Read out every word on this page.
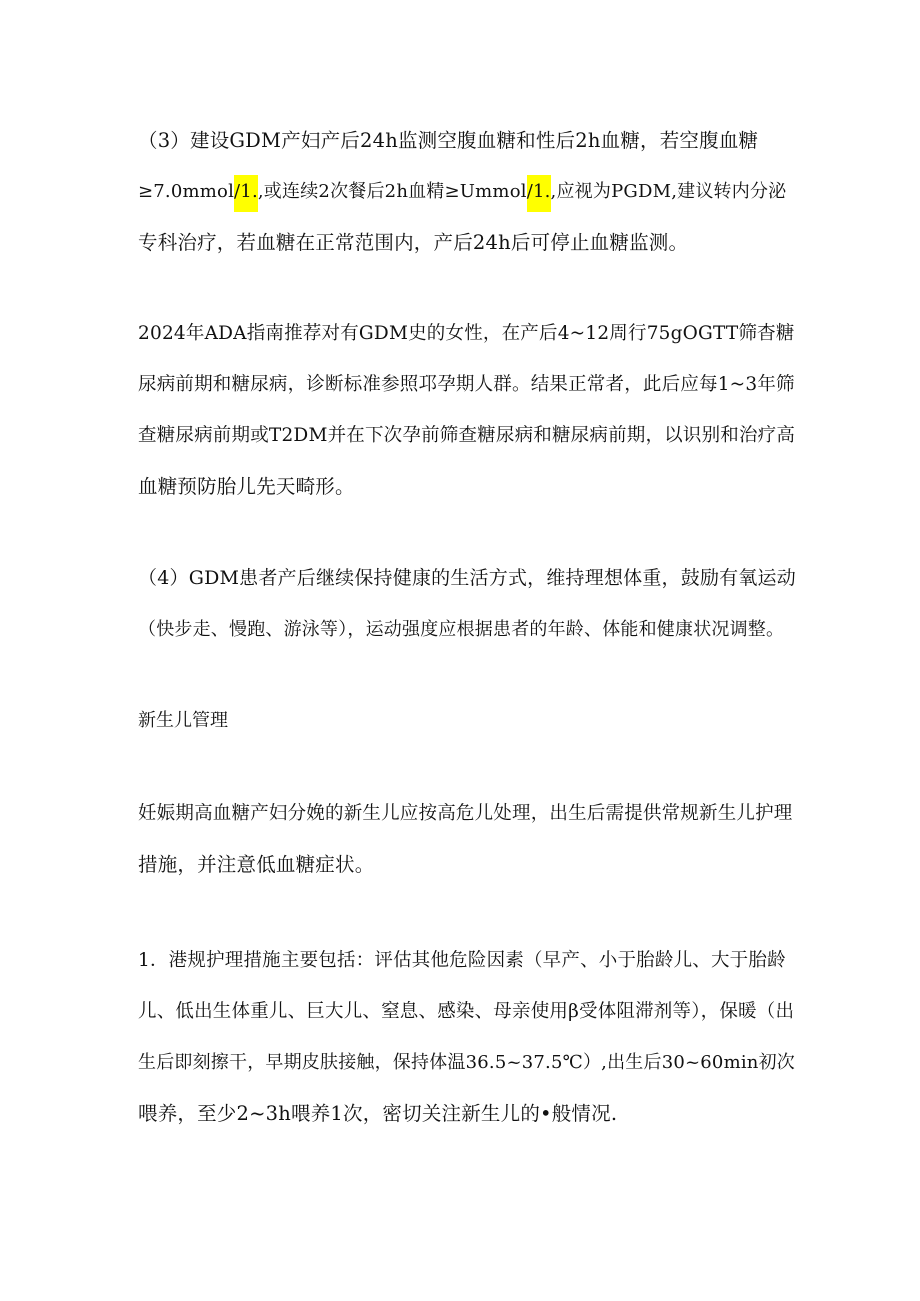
（3）建设GDM产妇产后24h监测空腹血糖和性后2h血糖，若空腹血糖
≥7.0mmol/1.,或连续2次餐后2h血精≥Ummol/1.,应视为PGDM,建议转内分泌
专科治疗，若血糖在正常范围内，产后24h后可停止血糖监测。

2024年ADA指南推荐对有GDM史的女性，在产后4~12周行75gOGTT筛杳糖
尿病前期和糖尿病，诊断标准参照邛孕期人群。结果正常者，此后应每1~3年筛
查糖尿病前期或T2DM并在下次孕前筛查糖尿病和糖尿病前期，以识别和治疗高
血糖预防胎儿先天畸形。

（4）GDM患者产后继续保持健康的生活方式，维持理想体重，鼓励有氧运动
（快步走、慢跑、游泳等），运动强度应根据患者的年龄、体能和健康状况调整。

新生儿管理

妊娠期高血糖产妇分娩的新生儿应按高危儿处理，出生后需提供常规新生儿护理
措施，并注意低血糖症状。

1．港规护理措施主要包括：评估其他危险因素（早产、小于胎龄儿、大于胎龄
儿、低出生体重儿、巨大儿、窒息、感染、母亲使用β受体阻滞剂等），保暖（出
生后即刻擦干，早期皮肤接触，保持体温36.5~37.5℃）,出生后30~60min初次
喂养，至少2~3h喂养1次，密切关注新生儿的•般情况.
